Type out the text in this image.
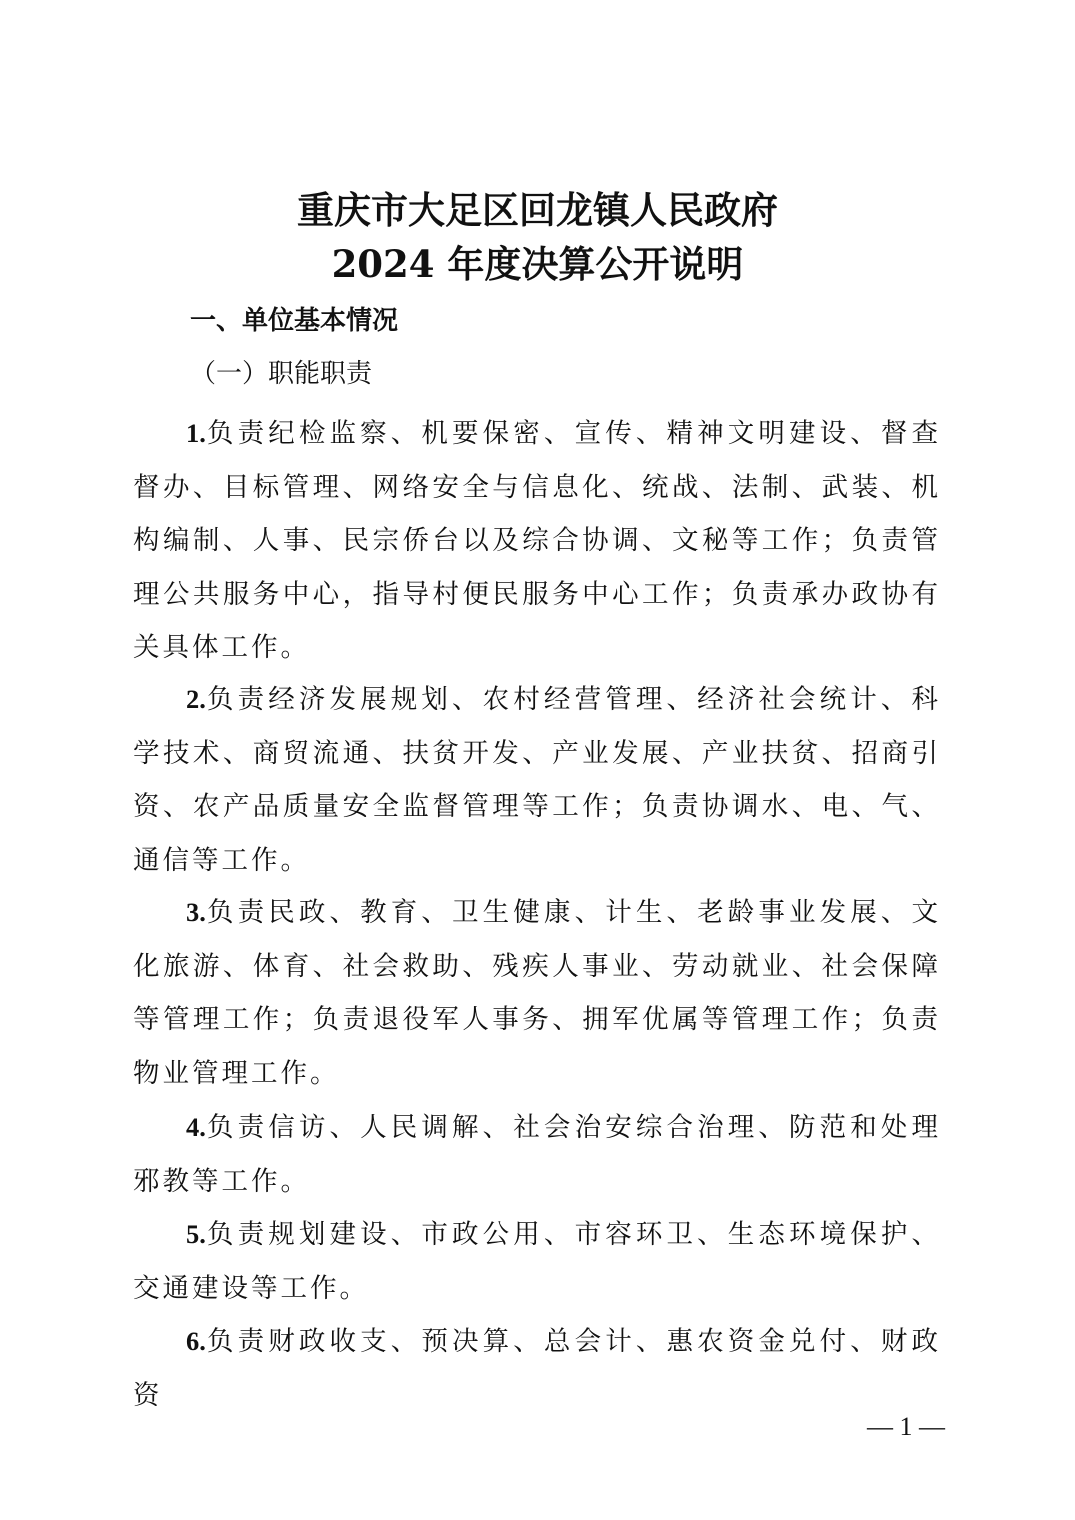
重庆市大足区回龙镇人民政府
2024 年度决算公开说明
一、单位基本情况
（一）职能职责

1.负责纪检监察、机要保密、宣传、精神文明建设、督查督办、目标管理、网络安全与信息化、统战、法制、武装、机构编制、人事、民宗侨台以及综合协调、文秘等工作；负责管理公共服务中心，指导村便民服务中心工作；负责承办政协有关具体工作。

2.负责经济发展规划、农村经营管理、经济社会统计、科学技术、商贸流通、扶贫开发、产业发展、产业扶贫、招商引资、农产品质量安全监督管理等工作；负责协调水、电、气、通信等工作。

3.负责民政、教育、卫生健康、计生、老龄事业发展、文化旅游、体育、社会救助、残疾人事业、劳动就业、社会保障等管理工作；负责退役军人事务、拥军优属等管理工作；负责物业管理工作。

4.负责信访、人民调解、社会治安综合治理、防范和处理邪教等工作。

5.负责规划建设、市政公用、市容环卫、生态环境保护、交通建设等工作。

6.负责财政收支、预决算、总会计、惠农资金兑付、财政资

— 1 —
